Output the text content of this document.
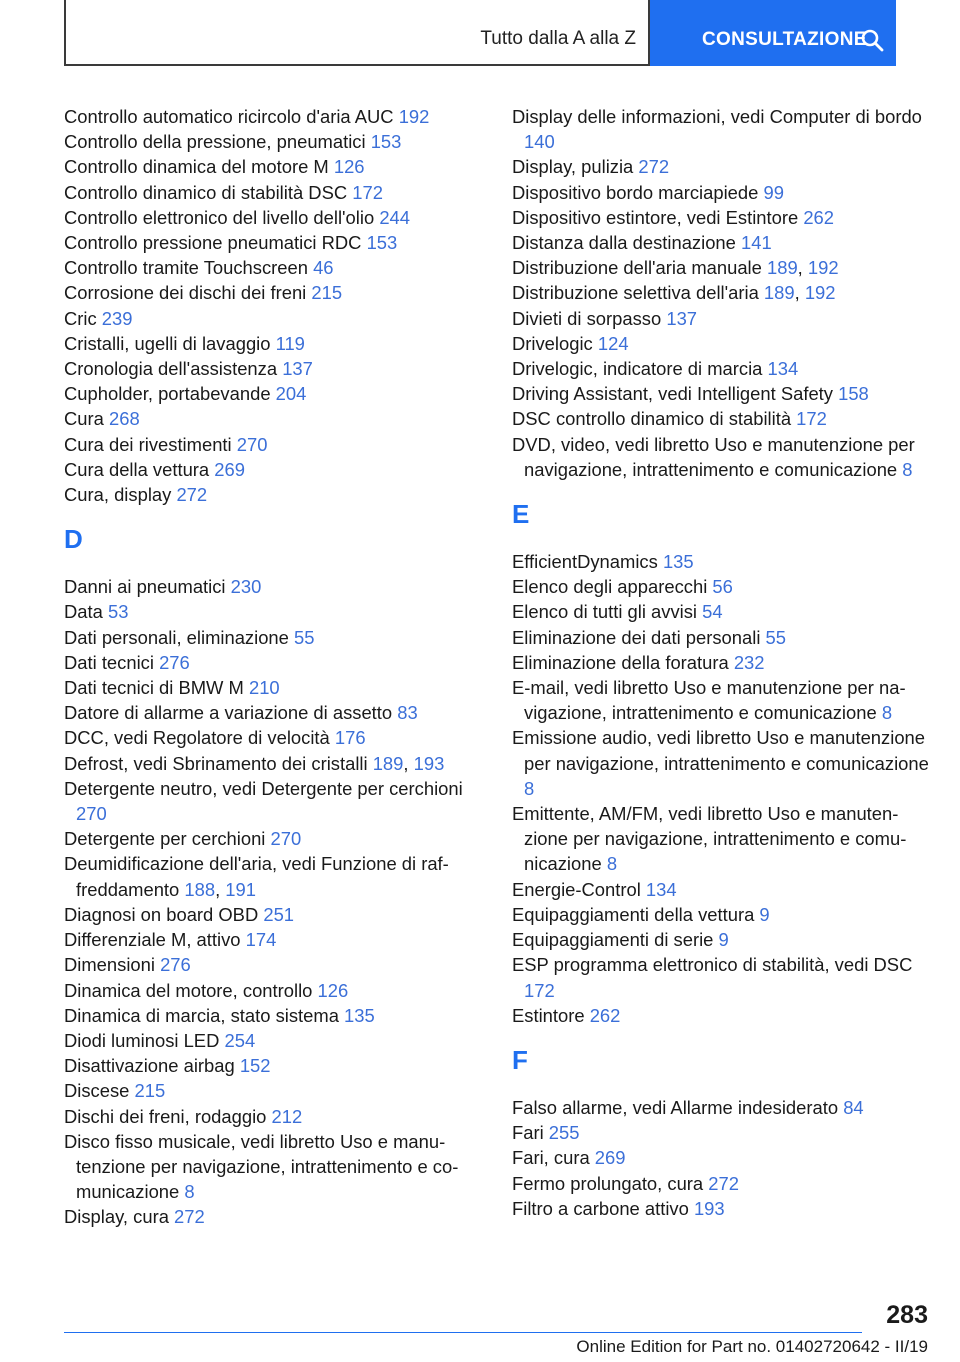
Tutto dalla A alla Z	CONSULTAZIONE
Controllo automatico ricircolo d'aria AUC 192
Controllo della pressione, pneumatici 153
Controllo dinamica del motore M 126
Controllo dinamico di stabilità DSC 172
Controllo elettronico del livello dell'olio 244
Controllo pressione pneumatici RDC 153
Controllo tramite Touchscreen 46
Corrosione dei dischi dei freni 215
Cric 239
Cristalli, ugelli di lavaggio 119
Cronologia dell'assistenza 137
Cupholder, portabevande 204
Cura 268
Cura dei rivestimenti 270
Cura della vettura 269
Cura, display 272
D
Danni ai pneumatici 230
Data 53
Dati personali, eliminazione 55
Dati tecnici 276
Dati tecnici di BMW M 210
Datore di allarme a variazione di assetto 83
DCC, vedi Regolatore di velocità 176
Defrost, vedi Sbrinamento dei cristalli 189, 193
Detergente neutro, vedi Detergente per cerchioni 270
Detergente per cerchioni 270
Deumidificazione dell'aria, vedi Funzione di raffreddamento 188, 191
Diagnosi on board OBD 251
Differenziale M, attivo 174
Dimensioni 276
Dinamica del motore, controllo 126
Dinamica di marcia, stato sistema 135
Diodi luminosi LED 254
Disattivazione airbag 152
Discese 215
Dischi dei freni, rodaggio 212
Disco fisso musicale, vedi libretto Uso e manutenzione per navigazione, intrattenimento e comunicazione 8
Display, cura 272
Display delle informazioni, vedi Computer di bordo 140
Display, pulizia 272
Dispositivo bordo marciapiede 99
Dispositivo estintore, vedi Estintore 262
Distanza dalla destinazione 141
Distribuzione dell'aria manuale 189, 192
Distribuzione selettiva dell'aria 189, 192
Divieti di sorpasso 137
Drivelogic 124
Drivelogic, indicatore di marcia 134
Driving Assistant, vedi Intelligent Safety 158
DSC controllo dinamico di stabilità 172
DVD, video, vedi libretto Uso e manutenzione per navigazione, intrattenimento e comunicazione 8
E
EfficientDynamics 135
Elenco degli apparecchi 56
Elenco di tutti gli avvisi 54
Eliminazione dei dati personali 55
Eliminazione della foratura 232
E-mail, vedi libretto Uso e manutenzione per navigazione, intrattenimento e comunicazione 8
Emissione audio, vedi libretto Uso e manutenzione per navigazione, intrattenimento e comunicazione 8
Emittente, AM/FM, vedi libretto Uso e manutenzione per navigazione, intrattenimento e comunicazione 8
Energie-Control 134
Equipaggiamenti della vettura 9
Equipaggiamenti di serie 9
ESP programma elettronico di stabilità, vedi DSC 172
Estintore 262
F
Falso allarme, vedi Allarme indesiderato 84
Fari 255
Fari, cura 269
Fermo prolungato, cura 272
Filtro a carbone attivo 193
283
Online Edition for Part no. 01402720642 - II/19
